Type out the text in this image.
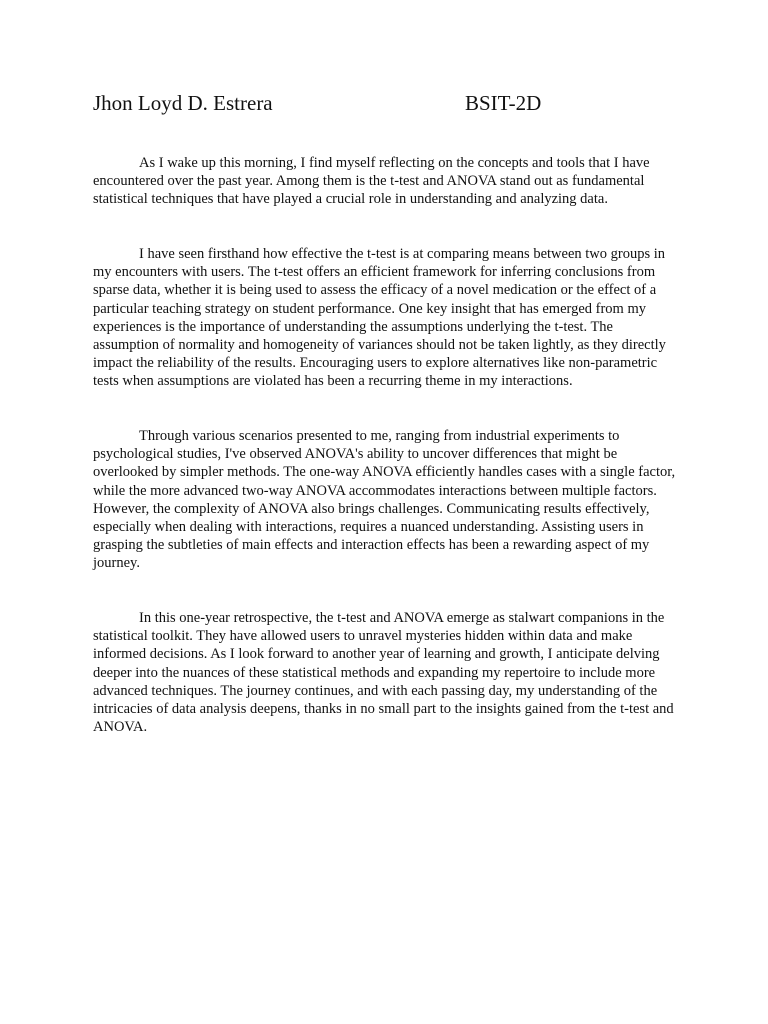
Jhon Loyd D. Estrera	BSIT-2D

As I wake up this morning, I find myself reflecting on the concepts and tools that I have encountered over the past year. Among them is the t-test and ANOVA stand out as fundamental statistical techniques that have played a crucial role in understanding and analyzing data.

I have seen firsthand how effective the t-test is at comparing means between two groups in my encounters with users. The t-test offers an efficient framework for inferring conclusions from sparse data, whether it is being used to assess the efficacy of a novel medication or the effect of a particular teaching strategy on student performance. One key insight that has emerged from my experiences is the importance of understanding the assumptions underlying the t-test. The assumption of normality and homogeneity of variances should not be taken lightly, as they directly impact the reliability of the results. Encouraging users to explore alternatives like non-parametric tests when assumptions are violated has been a recurring theme in my interactions.

Through various scenarios presented to me, ranging from industrial experiments to psychological studies, I've observed ANOVA's ability to uncover differences that might be overlooked by simpler methods. The one-way ANOVA efficiently handles cases with a single factor, while the more advanced two-way ANOVA accommodates interactions between multiple factors. However, the complexity of ANOVA also brings challenges. Communicating results effectively, especially when dealing with interactions, requires a nuanced understanding. Assisting users in grasping the subtleties of main effects and interaction effects has been a rewarding aspect of my journey.

In this one-year retrospective, the t-test and ANOVA emerge as stalwart companions in the statistical toolkit. They have allowed users to unravel mysteries hidden within data and make informed decisions. As I look forward to another year of learning and growth, I anticipate delving deeper into the nuances of these statistical methods and expanding my repertoire to include more advanced techniques. The journey continues, and with each passing day, my understanding of the intricacies of data analysis deepens, thanks in no small part to the insights gained from the t-test and ANOVA.
